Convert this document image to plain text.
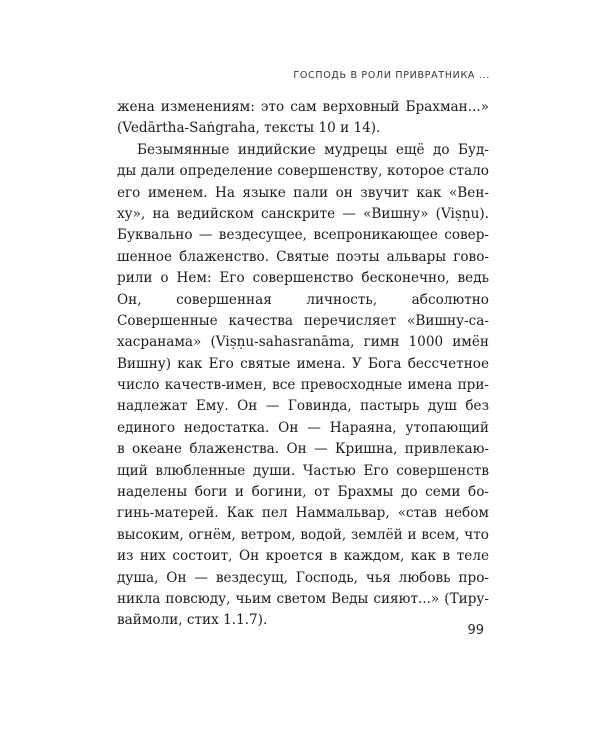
ГОСПОДЬ В РОЛИ ПРИВРАТНИКА ...
жена изменениям: это сам верховный Брахман...»
(Vedārtha-Saṅgraha, тексты 10 и 14).
Безымянные индийские мудрецы ещё до Буд-
ды дали определение совершенству, которое стало
его именем. На языке пали он звучит как «Вен-
ху», на ведийском санскрите — «Вишну» (Viṣṇu).
Буквально — вездесущее, всепроникающее совер-
шенное блаженство. Святые поэты альвары гово-
рили о Нем: Его совершенство бесконечно, ведь
Он, совершенная личность, абсолютно
Совершенные качества перечисляет «Вишну-са-
хасранама» (Viṣṇu-sahasranāma, гимн 1000 имён
Вишну) как Его святые имена. У Бога бессчетное
число качеств-имен, все превосходные имена при-
надлежат Ему. Он — Говинда, пастырь душ без
единого недостатка. Он — Нараяна, утопающий
в океане блаженства. Он — Кришна, привлекаю-
щий влюбленные души. Частью Его совершенств
наделены боги и богини, от Брахмы до семи бо-
гинь-матерей. Как пел Наммальвар, «став небом
высоким, огнём, ветром, водой, землёй и всем, что
из них состоит, Он кроется в каждом, как в теле
душа, Он — вездесущ, Господь, чья любовь про-
никла повсюду, чьим светом Веды сияют...» (Тиру-
ваймоли, стих 1.1.7).
99
